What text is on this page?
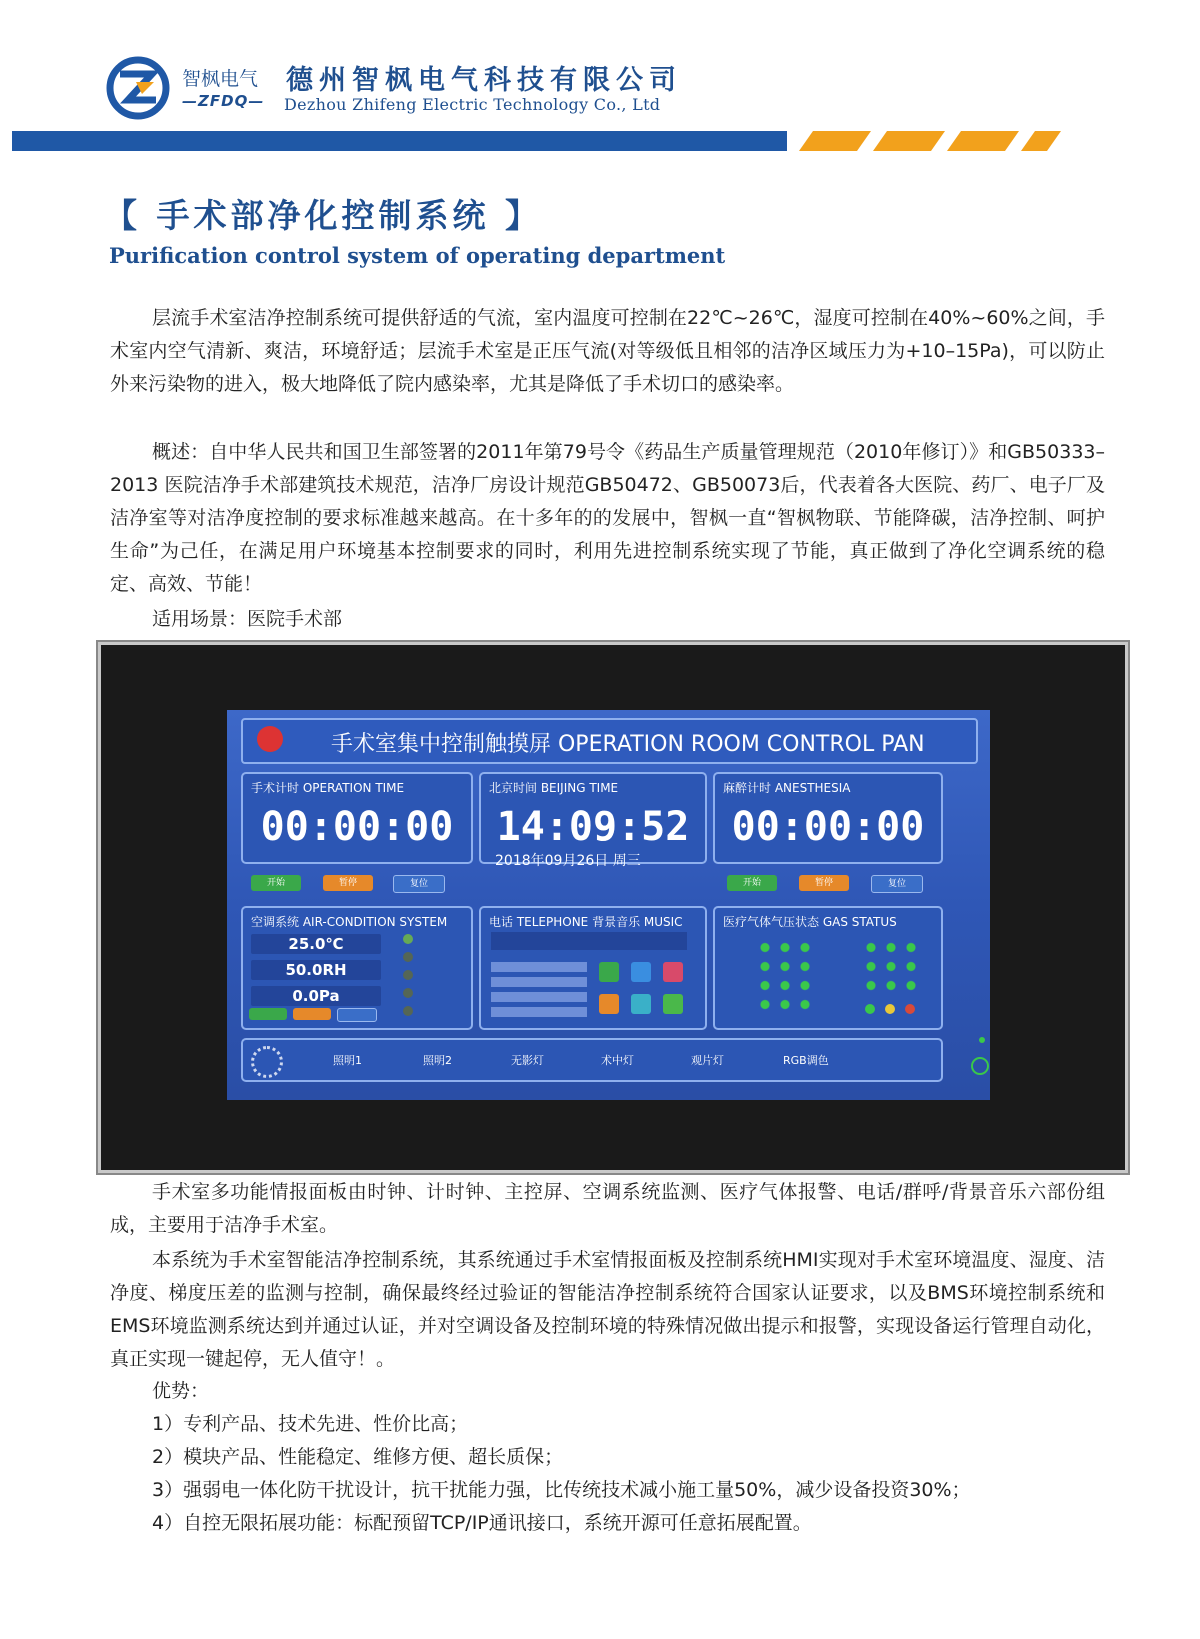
智枫电气
—ZFDQ—
德州智枫电气科技有限公司
Dezhou Zhifeng Electric Technology Co., Ltd
【 手术部净化控制系统 】
Purification control system of operating department

层流手术室洁净控制系统可提供舒适的气流，室内温度可控制在22℃~26℃，湿度可控制在40%~60%之间，手术室内空气清新、爽洁，环境舒适；层流手术室是正压气流(对等级低且相邻的洁净区域压力为+10–15Pa)，可以防止外来污染物的进入，极大地降低了院内感染率，尤其是降低了手术切口的感染率。

概述：自中华人民共和国卫生部签署的2011年第79号令《药品生产质量管理规范（2010年修订）》和GB50333–2013 医院洁净手术部建筑技术规范，洁净厂房设计规范GB50472、GB50073后，代表着各大医院、药厂、电子厂及洁净室等对洁净度控制的要求标准越来越高。在十多年的的发展中，智枫一直“智枫物联、节能降碳，洁净控制、呵护生命”为己任，在满足用户环境基本控制要求的同时，利用先进控制系统实现了节能，真正做到了净化空调系统的稳定、高效、节能！

适用场景：医院手术部

手术室集中控制触摸屏 OPERATION ROOM CONTROL PAN
手术计时 OPERATION TIME
00:00:00
北京时间 BEIJING TIME
14:09:52
麻醉计时 ANESTHESIA
00:00:00
开始	暂停	复位
2018年09月26日 周三
开始	暂停	复位
空调系统 AIR-CONDITION SYSTEM
25.0℃
50.0RH
0.0Pa
电话 TELEPHONE 背景音乐 MUSIC	医疗气体气压状态 GAS STATUS
照明1	照明2	无影灯	术中灯	观片灯	RGB调色

手术室多功能情报面板由时钟、计时钟、主控屏、空调系统监测、医疗气体报警、电话/群呼/背景音乐六部份组成，主要用于洁净手术室。

本系统为手术室智能洁净控制系统，其系统通过手术室情报面板及控制系统HMI实现对手术室环境温度、湿度、洁净度、梯度压差的监测与控制，确保最终经过验证的智能洁净控制系统符合国家认证要求，以及BMS环境控制系统和EMS环境监测系统达到并通过认证，并对空调设备及控制环境的特殊情况做出提示和报警，实现设备运行管理自动化，真正实现一键起停，无人值守！。

优势：
1）专利产品、技术先进、性价比高；
2）模块产品、性能稳定、维修方便、超长质保；
3）强弱电一体化防干扰设计，抗干扰能力强，比传统技术减小施工量50%，减少设备投资30%；
4）自控无限拓展功能：标配预留TCP/IP通讯接口，系统开源可任意拓展配置。
